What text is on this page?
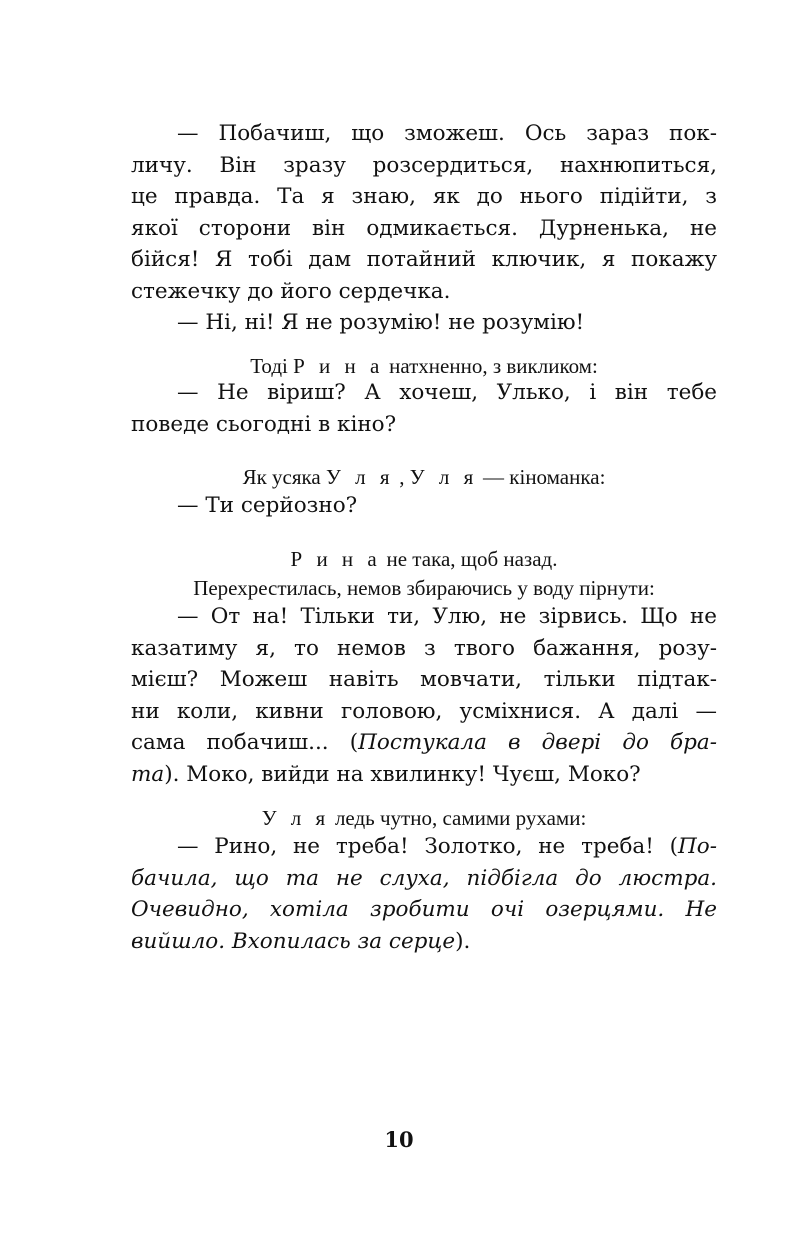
— Побачиш, що зможеш. Ось зараз пок-
личу. Він зразу розсердиться, нахнюпиться,
це правда. Та я знаю, як до нього підійти, з
якої сторони він одмикається. Дурненька, не
бійся! Я тобі дам потайний ключик, я покажу
стежечку до його сердечка.
— Ні, ні! Я не розумію! не розумію!
Тоді Р и н а натхненно, з викликом:
— Не віриш? А хочеш, Улько, і він тебе
поведе сьогодні в кіно?
Як усяка У л я , У л я — кіноманка:
— Ти серйозно?
Р и н а не така, щоб назад.
Перехрестилась, немов збираючись у воду пірнути:
— От на! Тільки ти, Улю, не зірвись. Що не
казатиму я, то немов з твого бажання, розу-
мієш? Можеш навіть мовчати, тільки підтак-
ни коли, кивни головою, усміхнися. А далі —
сама побачиш... (Постукала в двері до бра-
та). Моко, вийди на хвилинку! Чуєш, Моко?
У л я ледь чутно, самими рухами:
— Рино, не треба! Золотко, не треба! (По-
бачила, що та не слуха, підбігла до люстра.
Очевидно, хотіла зробити очі озерцями. Не
вийшло. Вхопилась за серце).
10
